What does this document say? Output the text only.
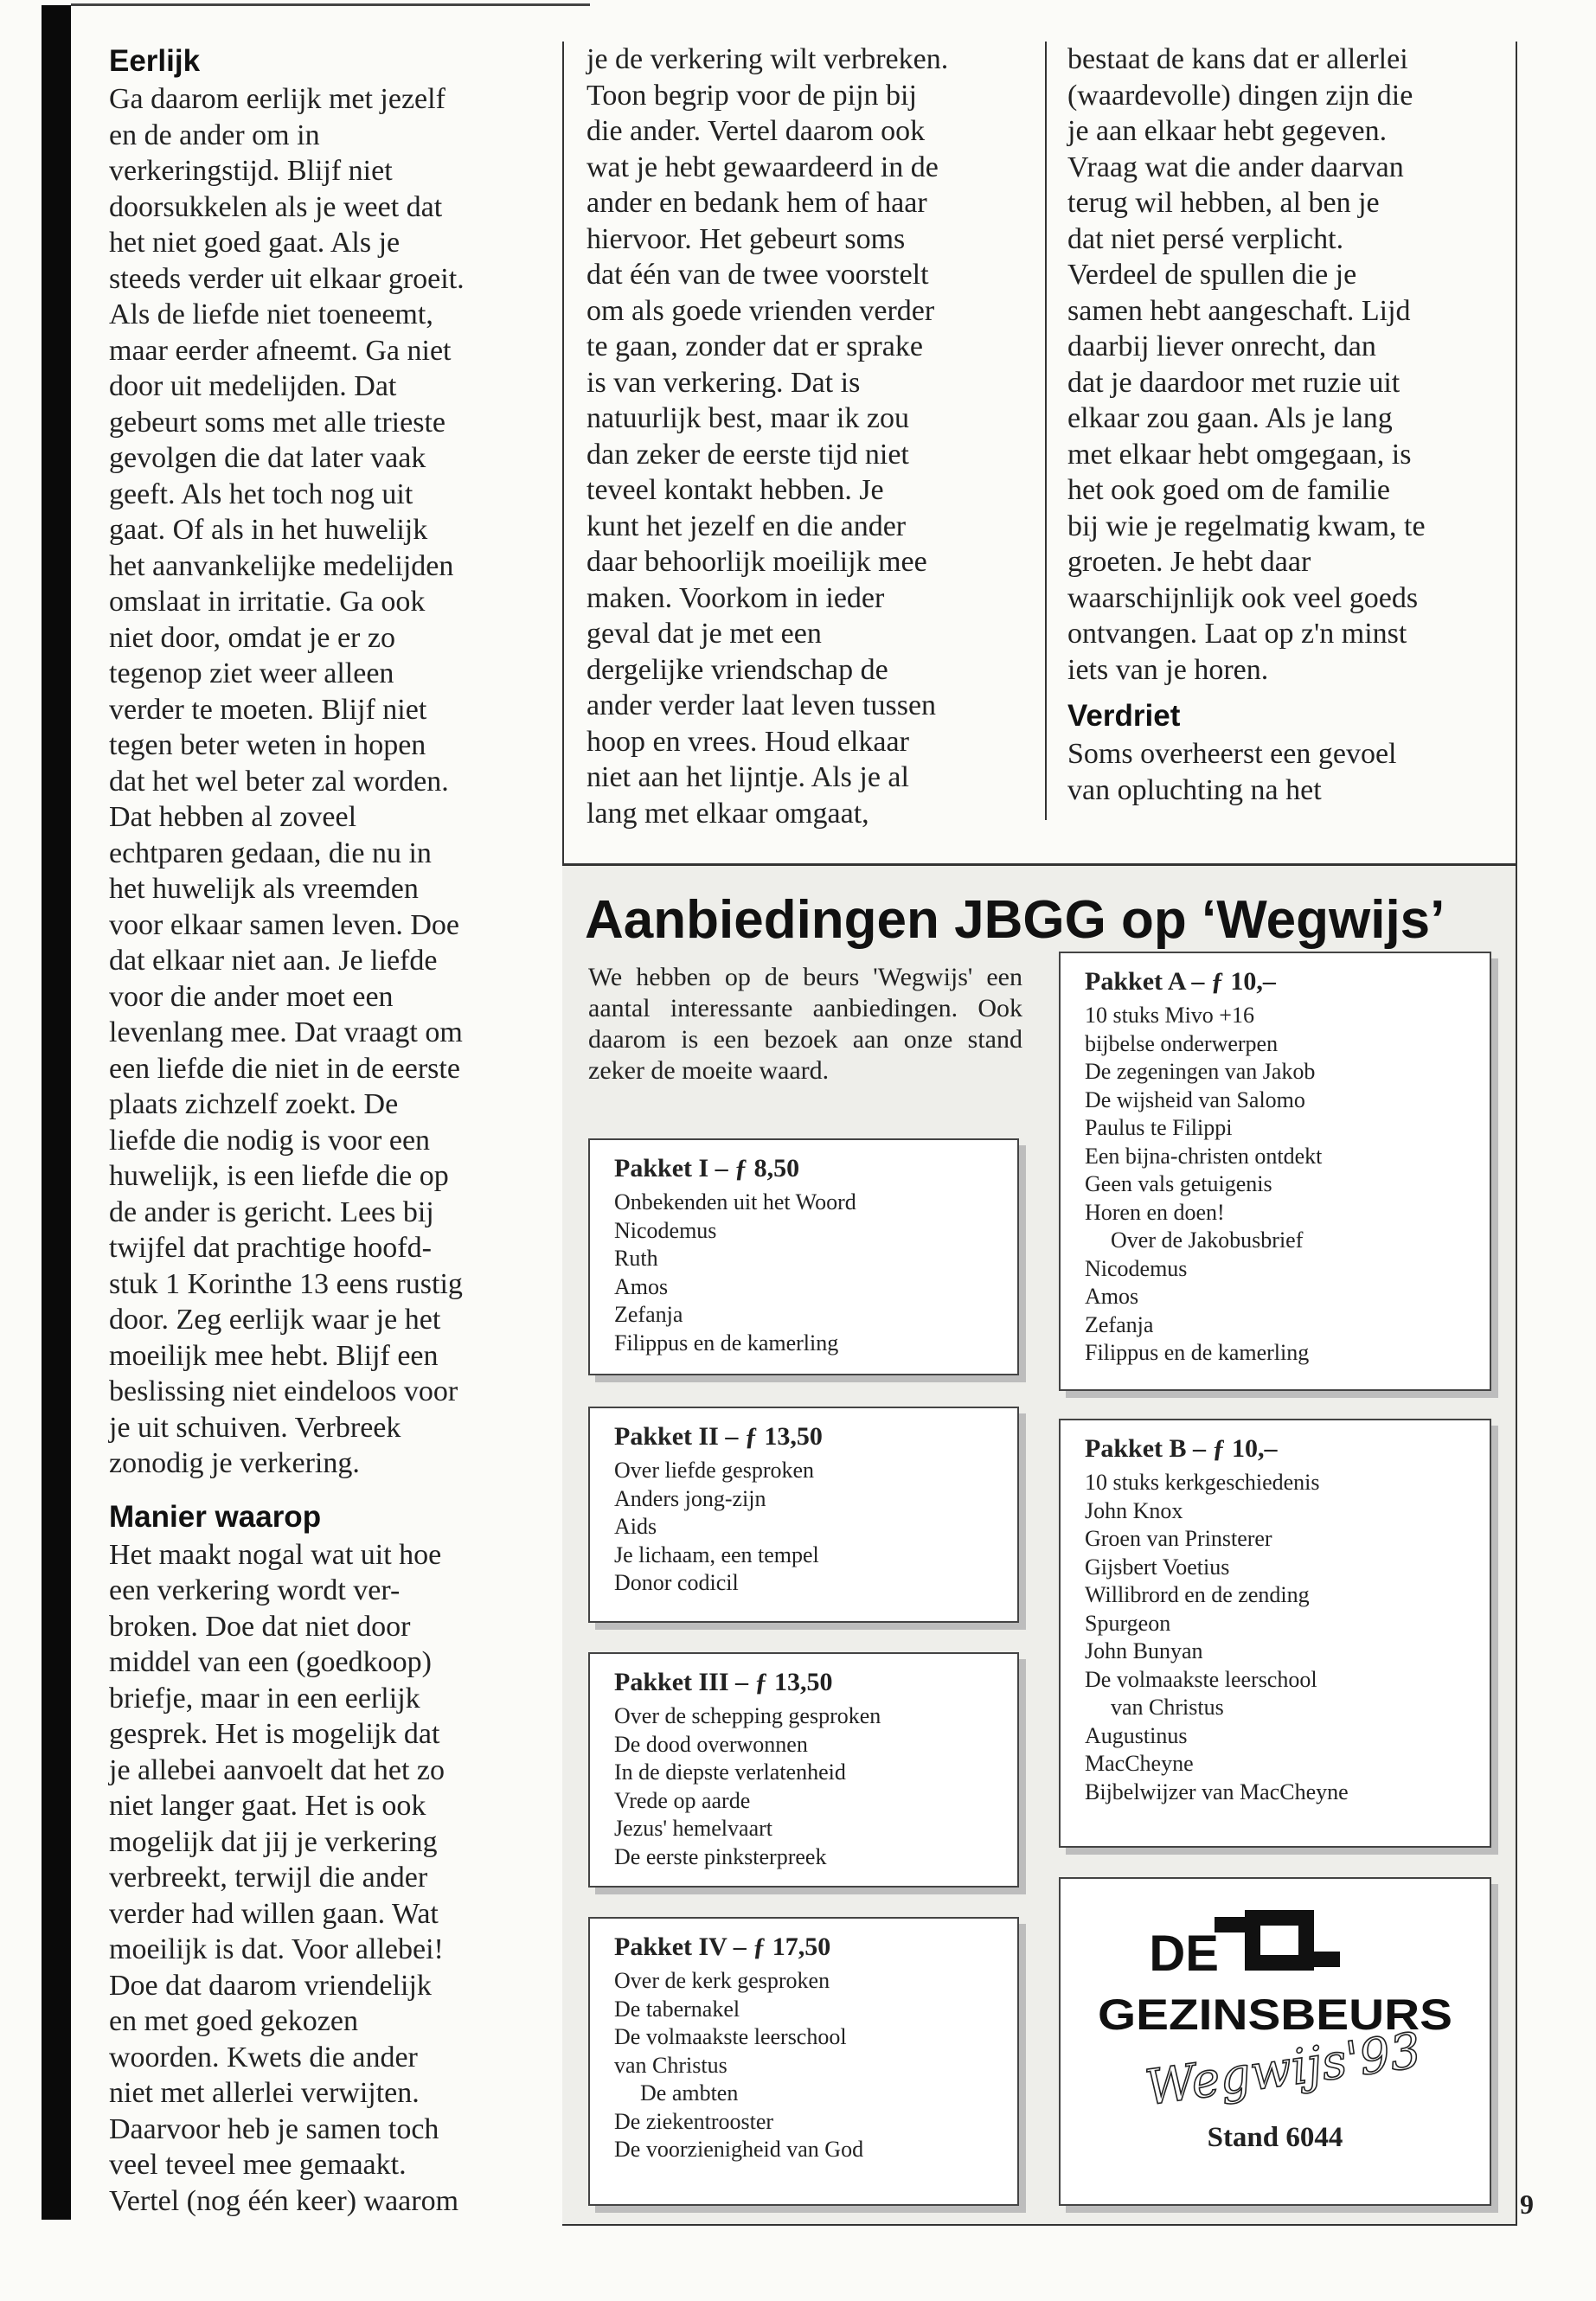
Eerlijk

Ga daarom eerlijk met jezelf

en de ander om in

verkeringstijd. Blijf niet

doorsukkelen als je weet dat

het niet goed gaat. Als je

steeds verder uit elkaar groeit.

Als de liefde niet toeneemt,

maar eerder afneemt. Ga niet

door uit medelijden. Dat

gebeurt soms met alle trieste

gevolgen die dat later vaak

geeft. Als het toch nog uit

gaat. Of als in het huwelijk

het aanvankelijke medelijden

omslaat in irritatie. Ga ook

niet door, omdat je er zo

tegenop ziet weer alleen

verder te moeten. Blijf niet

tegen beter weten in hopen

dat het wel beter zal worden.

Dat hebben al zoveel

echtparen gedaan, die nu in

het huwelijk als vreemden

voor elkaar samen leven. Doe

dat elkaar niet aan. Je liefde

voor die ander moet een

levenlang mee. Dat vraagt om

een liefde die niet in de eerste

plaats zichzelf zoekt. De

liefde die nodig is voor een

huwelijk, is een liefde die op

de ander is gericht. Lees bij

twijfel dat prachtige hoofd-

stuk 1 Korinthe 13 eens rustig

door. Zeg eerlijk waar je het

moeilijk mee hebt. Blijf een

beslissing niet eindeloos voor

je uit schuiven. Verbreek

zonodig je verkering.

Manier waarop

Het maakt nogal wat uit hoe

een verkering wordt ver-

broken. Doe dat niet door

middel van een (goedkoop)

briefje, maar in een eerlijk

gesprek. Het is mogelijk dat

je allebei aanvoelt dat het zo

niet langer gaat. Het is ook

mogelijk dat jij je verkering

verbreekt, terwijl die ander

verder had willen gaan. Wat

moeilijk is dat. Voor allebei!

Doe dat daarom vriendelijk

en met goed gekozen

woorden. Kwets die ander

niet met allerlei verwijten.

Daarvoor heb je samen toch

veel teveel mee gemaakt.

Vertel (nog één keer) waarom

je de verkering wilt verbreken.

Toon begrip voor de pijn bij

die ander. Vertel daarom ook

wat je hebt gewaardeerd in de

ander en bedank hem of haar

hiervoor. Het gebeurt soms

dat één van de twee voorstelt

om als goede vrienden verder

te gaan, zonder dat er sprake

is van verkering. Dat is

natuurlijk best, maar ik zou

dan zeker de eerste tijd niet

teveel kontakt hebben. Je

kunt het jezelf en die ander

daar behoorlijk moeilijk mee

maken. Voorkom in ieder

geval dat je met een

dergelijke vriendschap de

ander verder laat leven tussen

hoop en vrees. Houd elkaar

niet aan het lijntje. Als je al

lang met elkaar omgaat,

bestaat de kans dat er allerlei

(waardevolle) dingen zijn die

je aan elkaar hebt gegeven.

Vraag wat die ander daarvan

terug wil hebben, al ben je

dat niet persé verplicht.

Verdeel de spullen die je

samen hebt aangeschaft. Lijd

daarbij liever onrecht, dan

dat je daardoor met ruzie uit

elkaar zou gaan. Als je lang

met elkaar hebt omgegaan, is

het ook goed om de familie

bij wie je regelmatig kwam, te

groeten. Je hebt daar

waarschijnlijk ook veel goeds

ontvangen. Laat op z'n minst

iets van je horen.

Verdriet

Soms overheerst een gevoel

van opluchting na het

Aanbiedingen JBGG op ‘Wegwijs’
We hebben op de beurs 'Wegwijs' een aantal interessante aanbiedingen. Ook daarom is een bezoek aan onze stand zeker de moeite waard.
Pakket I – ƒ 8,50
Onbekenden uit het Woord
Nicodemus
Ruth
Amos
Zefanja
Filippus en de kamerling
Pakket II – ƒ 13,50
Over liefde gesproken
Anders jong-zijn
Aids
Je lichaam, een tempel
Donor codicil
Pakket III – ƒ 13,50
Over de schepping gesproken
De dood overwonnen
In de diepste verlatenheid
Vrede op aarde
Jezus' hemelvaart
De eerste pinksterpreek
Pakket IV – ƒ 17,50
Over de kerk gesproken
De tabernakel
De volmaakste leerschool
van Christus
De ambten
De ziekentrooster
De voorzienigheid van God
Pakket A – ƒ 10,–
10 stuks Mivo +16
bijbelse onderwerpen
De zegeningen van Jakob
De wijsheid van Salomo
Paulus te Filippi
Een bijna-christen ontdekt
Geen vals getuigenis
Horen en doen!
Over de Jakobusbrief
Nicodemus
Amos
Zefanja
Filippus en de kamerling
Pakket B – ƒ 10,–
10 stuks kerkgeschiedenis
John Knox
Groen van Prinsterer
Gijsbert Voetius
Willibrord en de zending
Spurgeon
John Bunyan
De volmaakste leerschool
van Christus
Augustinus
MacCheyne
Bijbelwijzer van MacCheyne
DE
GEZINSBEURS
Wegwijs'93
Stand 6044
9
